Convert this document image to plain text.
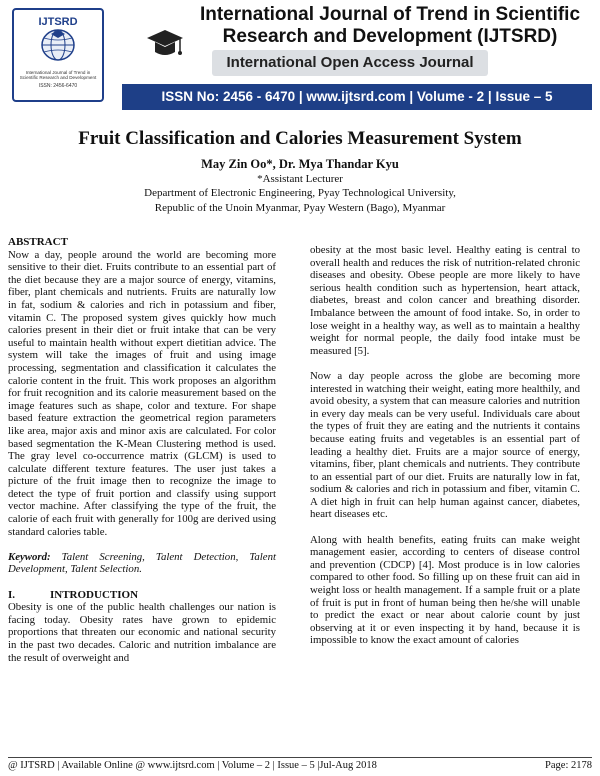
IJTSRD
International Journal of Trend in Scientific Research and Development
ISSN: 2456-6470
International Journal of Trend in Scientific
Research and Development (IJTSRD)
International Open Access Journal
ISSN No: 2456 - 6470 | www.ijtsrd.com | Volume - 2 | Issue – 5
Fruit Classification and Calories Measurement System
May Zin Oo*, Dr. Mya Thandar Kyu
*Assistant Lecturer
Department of Electronic Engineering, Pyay Technological University,
Republic of the Unoin Myanmar, Pyay Western (Bago), Myanmar

ABSTRACT

Now a day, people around the world are becoming more sensitive to their diet. Fruits contribute to an essential part of the diet because they are a major source of energy, vitamins, fiber, plant chemicals and nutrients. Fruits are naturally low in fat, sodium & calories and rich in potassium and fiber, vitamin C. The proposed system gives quickly how much calories present in their diet or fruit intake that can be very useful to maintain health without expert dietitian advice. The system will take the images of fruit and using image processing, segmentation and classification it calculates the calorie content in the fruit. This work proposes an algorithm for fruit recognition and its calorie measurement based on the image features such as shape, color and texture. For shape based feature extraction the geometrical region parameters like area, major axis and minor axis are calculated. For color based segmentation the K-Mean Clustering method is used. The gray level co-occurrence matrix (GLCM) is used to calculate different texture features. The user just takes a picture of the fruit image then to recognize the image to detect the type of fruit portion and classify using support vector machine. After classifying the type of the fruit, the calorie of each fruit with generally for 100g are derived using standard calories table.

Keyword: Talent Screening, Talent Detection, Talent Development, Talent Selection.

I.	INTRODUCTION

Obesity is one of the public health challenges our nation is facing today. Obesity rates have grown to epidemic proportions that threaten our economic and national security in the past two decades. Caloric and nutrition imbalance are the result of overweight and

obesity at the most basic level. Healthy eating is central to overall health and reduces the risk of nutrition-related chronic diseases and obesity. Obese people are more likely to have serious health condition such as hypertension, heart attack, diabetes, breast and colon cancer and breathing disorder. Imbalance between the amount of food intake. So, in order to lose weight in a healthy way, as well as to maintain a healthy weight for normal people, the daily food intake must be measured [5].

Now a day people across the globe are becoming more interested in watching their weight, eating more healthily, and avoid obesity, a system that can measure calories and nutrition in every day meals can be very useful. Individuals care about the types of fruit they are eating and the nutrients it contains because eating fruits and vegetables is an essential part of leading a healthy diet. Fruits are a major source of energy, vitamins, fiber, plant chemicals and nutrients. They contribute to an essential part of our diet. Fruits are naturally low in fat, sodium & calories and rich in potassium and fiber, vitamin C. A diet high in fruit can help human against cancer, diabetes, heart diseases etc.

Along with health benefits, eating fruits can make weight management easier, according to centers of disease control and prevention (CDCP) [4]. Most produce is in low calories compared to other food. So filling up on these fruit can aid in weight loss or health management. If a sample fruit or a plate of fruit is put in front of human being then he/she will unable to predict the exact or near about calorie count by just observing at it or even inspecting it by hand, because it is impossible to know the exact amount of calories

@ IJTSRD | Available Online @ www.ijtsrd.com | Volume – 2 | Issue – 5 |Jul-Aug 2018	Page: 2178
